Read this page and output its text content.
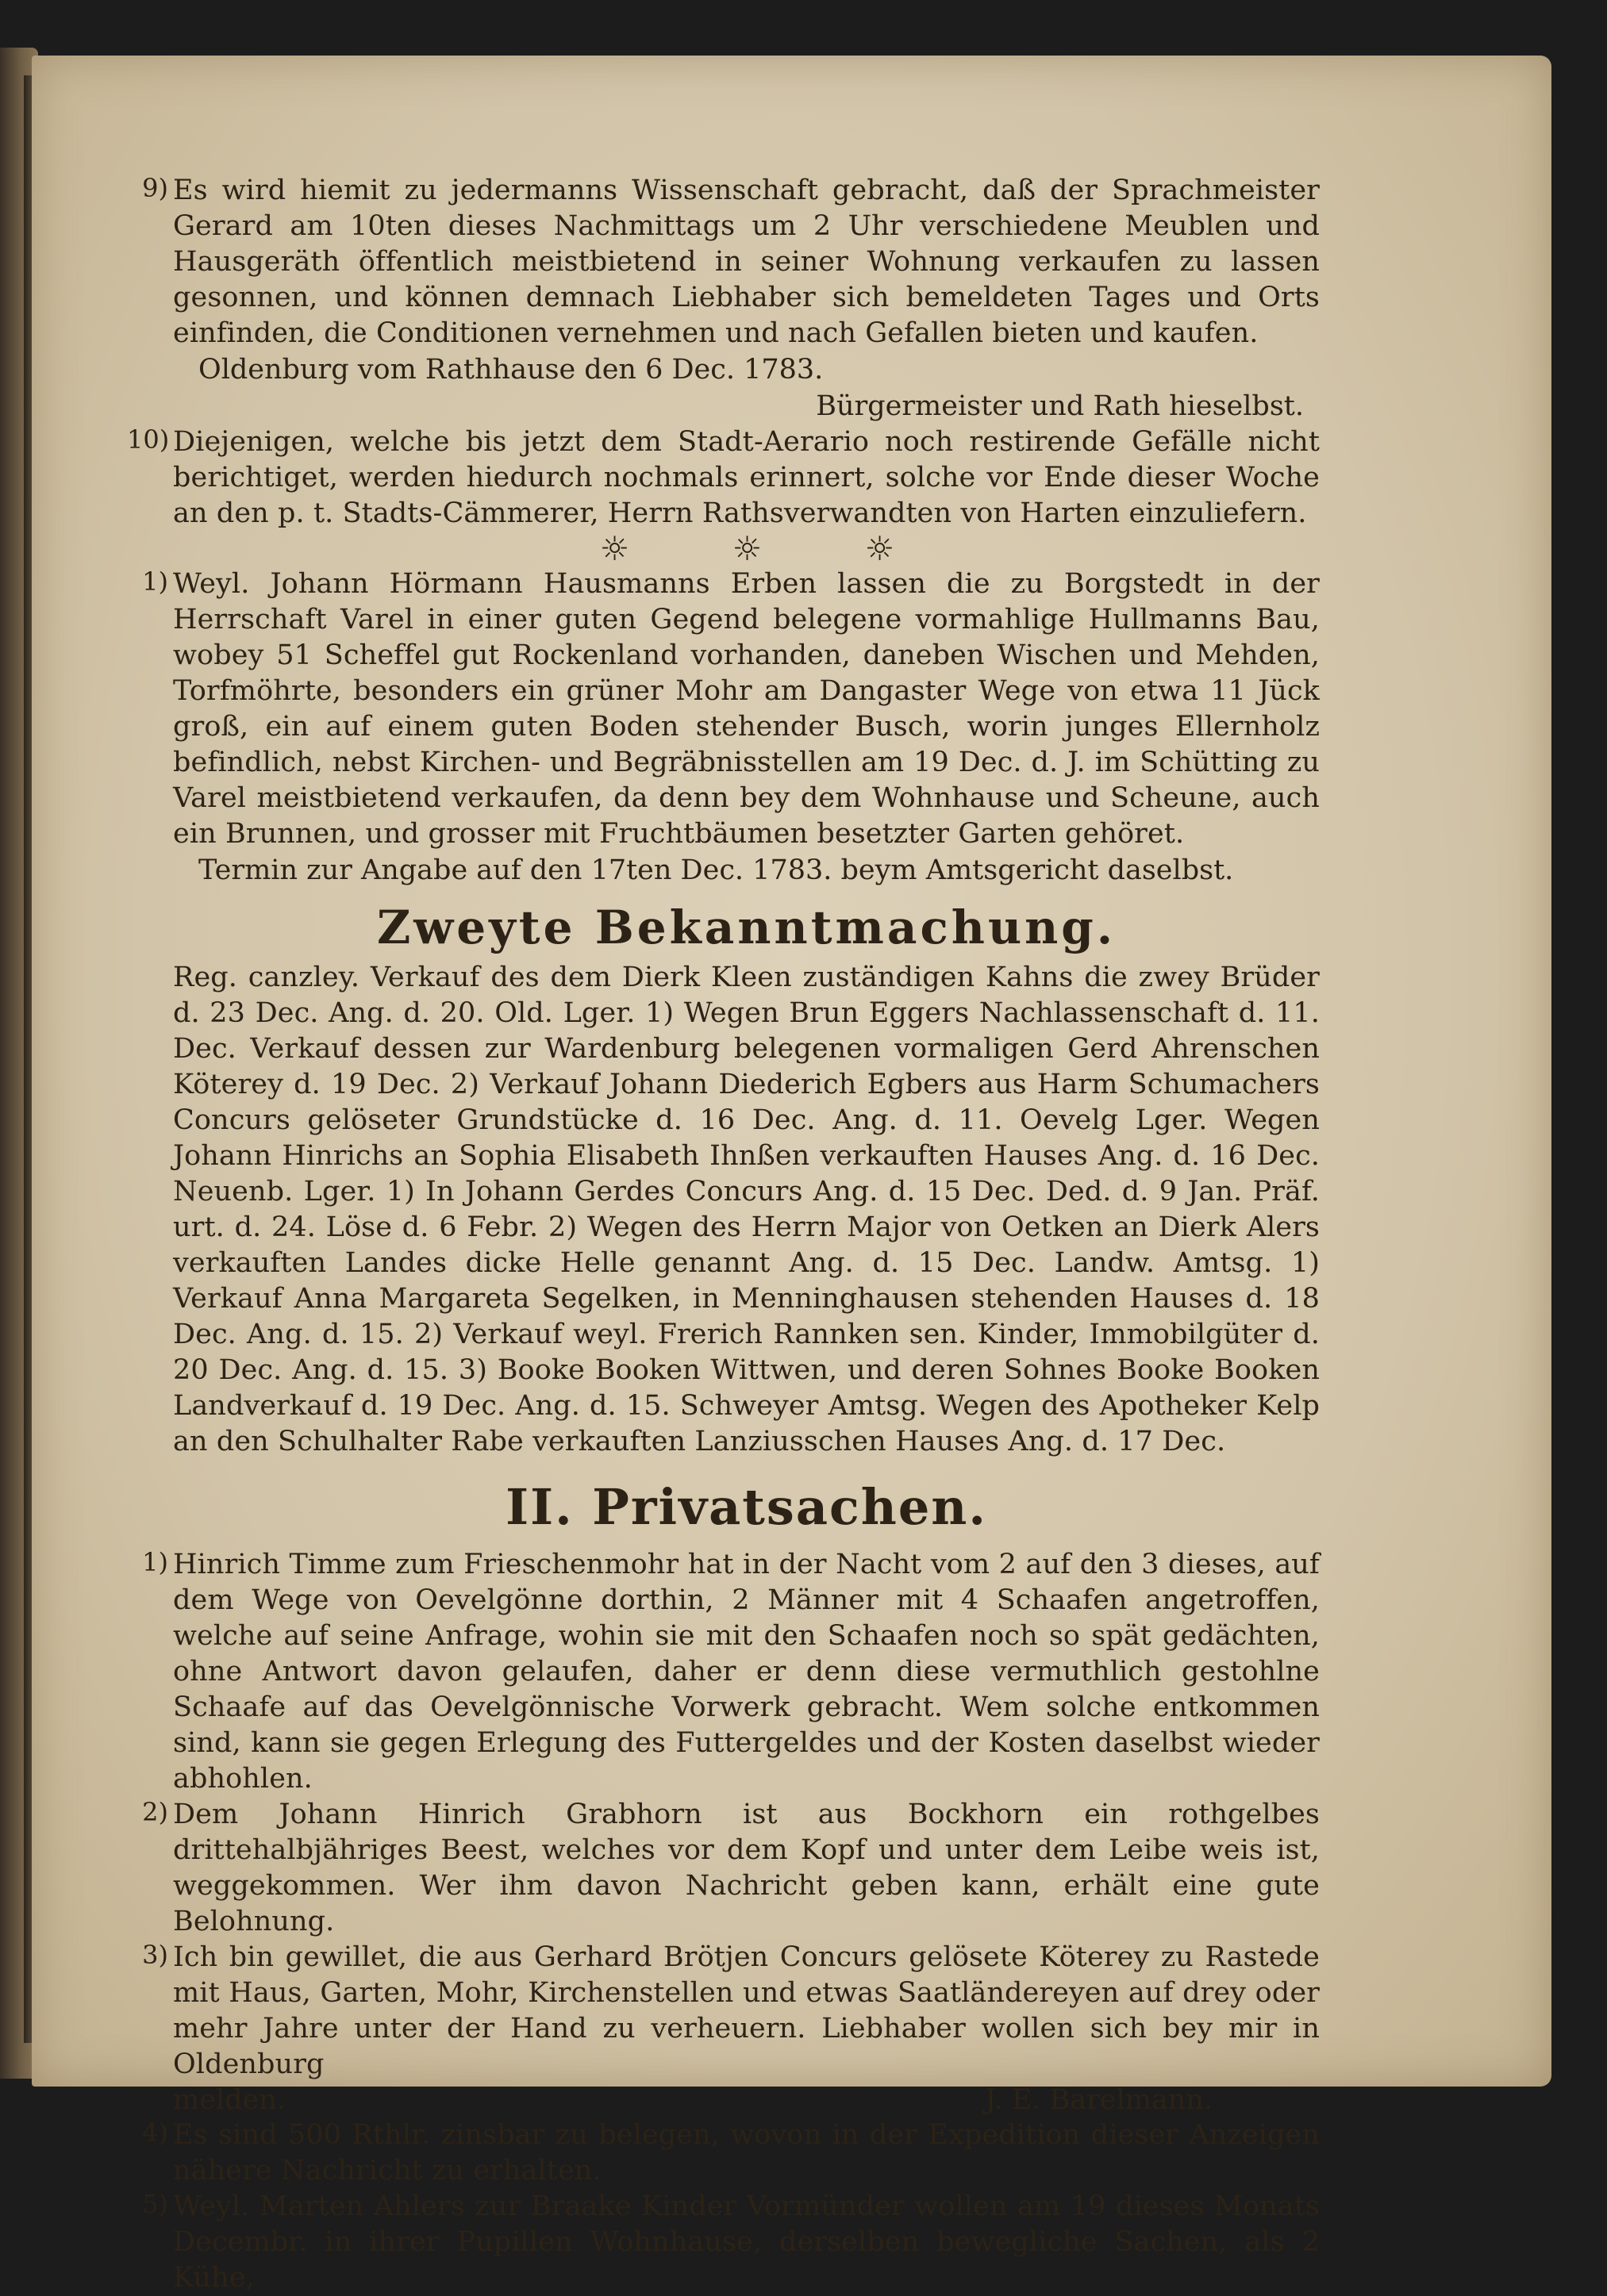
9) Es wird hiemit zu jedermanns Wissenschaft gebracht, daß der Sprachmeister Gerard am 10ten dieses Nachmittags um 2 Uhr verschiedene Meublen und Hausgeräth öffentlich meistbietend in seiner Wohnung verkaufen zu lassen gesonnen, und können demnach Liebhaber sich bemeldeten Tages und Orts einfinden, die Conditionen vernehmen und nach Gefallen bieten und kaufen.

Oldenburg vom Rathhause den 6 Dec. 1783.

Bürgermeister und Rath hieselbst.

10) Diejenigen, welche bis jetzt dem Stadt-Aerario noch restirende Gefälle nicht berichtiget, werden hiedurch nochmals erinnert, solche vor Ende dieser Woche an den p. t. Stadts-Cämmerer, Herrn Rathsverwandten von Harten einzuliefern.

☼ ☼ ☼

1) Weyl. Johann Hörmann Hausmanns Erben lassen die zu Borgstedt in der Herrschaft Varel in einer guten Gegend belegene vormahlige Hullmanns Bau, wobey 51 Scheffel gut Rockenland vorhanden, daneben Wischen und Mehden, Torfmöhrte, besonders ein grüner Mohr am Dangaster Wege von etwa 11 Jück groß, ein auf einem guten Boden stehender Busch, worin junges Ellernholz befindlich, nebst Kirchen- und Begräbnisstellen am 19 Dec. d. J. im Schütting zu Varel meistbietend verkaufen, da denn bey dem Wohnhause und Scheune, auch ein Brunnen, und grosser mit Fruchtbäumen besetzter Garten gehöret.

Termin zur Angabe auf den 17ten Dec. 1783. beym Amtsgericht daselbst.

Zweyte Bekanntmachung.

Reg. canzley. Verkauf des dem Dierk Kleen zuständigen Kahns die zwey Brüder d. 23 Dec. Ang. d. 20. Old. Lger. 1) Wegen Brun Eggers Nachlassenschaft d. 11. Dec. Verkauf dessen zur Wardenburg belegenen vormaligen Gerd Ahrenschen Köterey d. 19 Dec. 2) Verkauf Johann Diederich Egbers aus Harm Schumachers Concurs gelöseter Grundstücke d. 16 Dec. Ang. d. 11. Oevelg Lger. Wegen Johann Hinrichs an Sophia Elisabeth Ihnßen verkauften Hauses Ang. d. 16 Dec. Neuenb. Lger. 1) In Johann Gerdes Concurs Ang. d. 15 Dec. Ded. d. 9 Jan. Präf. urt. d. 24. Löse d. 6 Febr. 2) Wegen des Herrn Major von Oetken an Dierk Alers verkauften Landes dicke Helle genannt Ang. d. 15 Dec. Landw. Amtsg. 1) Verkauf Anna Margareta Segelken, in Menninghausen stehenden Hauses d. 18 Dec. Ang. d. 15. 2) Verkauf weyl. Frerich Rannken sen. Kinder, Immobilgüter d. 20 Dec. Ang. d. 15. 3) Booke Booken Wittwen, und deren Sohnes Booke Booken Landverkauf d. 19 Dec. Ang. d. 15. Schweyer Amtsg. Wegen des Apotheker Kelp an den Schulhalter Rabe verkauften Lanziusschen Hauses Ang. d. 17 Dec.

II. Privatsachen.
1) Hinrich Timme zum Frieschenmohr hat in der Nacht vom 2 auf den 3 dieses, auf dem Wege von Oevelgönne dorthin, 2 Männer mit 4 Schaafen angetroffen, welche auf seine Anfrage, wohin sie mit den Schaafen noch so spät gedächten, ohne Antwort davon gelaufen, daher er denn diese vermuthlich gestohlne Schaafe auf das Oevelgönnische Vorwerk gebracht. Wem solche entkommen sind, kann sie gegen Erlegung des Futtergeldes und der Kosten daselbst wieder abhohlen.

2) Dem Johann Hinrich Grabhorn ist aus Bockhorn ein rothgelbes drittehalbjähriges Beest, welches vor dem Kopf und unter dem Leibe weis ist, weggekommen. Wer ihm davon Nachricht geben kann, erhält eine gute Belohnung.

3) Ich bin gewillet, die aus Gerhard Brötjen Concurs gelösete Köterey zu Rastede mit Haus, Garten, Mohr, Kirchenstellen und etwas Saatländereyen auf drey oder mehr Jahre unter der Hand zu verheuern. Liebhaber wollen sich bey mir in Oldenburg

melden.	J. E. Barelmann.
4) Es sind 500 Rthlr. zinsbar zu belegen, wovon in der Expedition dieser Anzeigen nähere Nachricht zu erhalten.

5) Weyl. Marten Ahlers zur Braake Kinder Vormünder wollen am 19 dieses Monats Decembr. in ihrer Pupillen Wohnhause, derselben bewegliche Sachen, als 2 Kühe,
